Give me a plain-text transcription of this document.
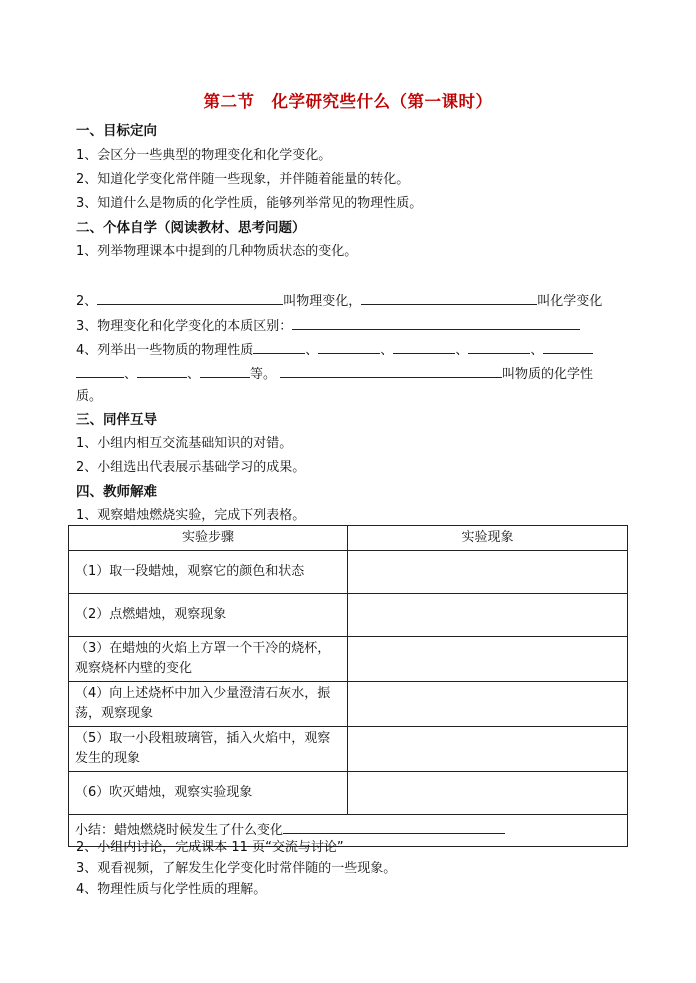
第二节　化学研究些什么（第一课时）
一、目标定向
1、会区分一些典型的物理变化和化学变化。
2、知道化学变化常伴随一些现象，并伴随着能量的转化。
3、知道什么是物质的化学性质，能够列举常见的物理性质。
二、个体自学（阅读教材、思考问题）
1、列举物理课本中提到的几种物质状态的变化。
2、	叫物理变化，	叫化学变化
3、物理变化和化学变化的本质区别：
4、列举出一些物质的物理性质	、	、	、	、
、	、	等。	叫物质的化学性
质。
三、同伴互导
1、小组内相互交流基础知识的对错。
2、小组选出代表展示基础学习的成果。
四、教师解难
1、观察蜡烛燃烧实验，完成下列表格。
实验步骤	实验现象
（1）取一段蜡烛，观察它的颜色和状态	
（2）点燃蜡烛，观察现象	
（3）在蜡烛的火焰上方罩一个干冷的烧杯，观察烧杯内壁的变化	
（4）向上述烧杯中加入少量澄清石灰水，振荡，观察现象	
（5）取一小段粗玻璃管，插入火焰中，观察发生的现象	
（6）吹灭蜡烛，观察实验现象	
小结：蜡烛燃烧时候发生了什么变化	
2、小组内讨论，完成课本 11 页“交流与讨论”
3、观看视频，了解发生化学变化时常伴随的一些现象。
4、物理性质与化学性质的理解。
